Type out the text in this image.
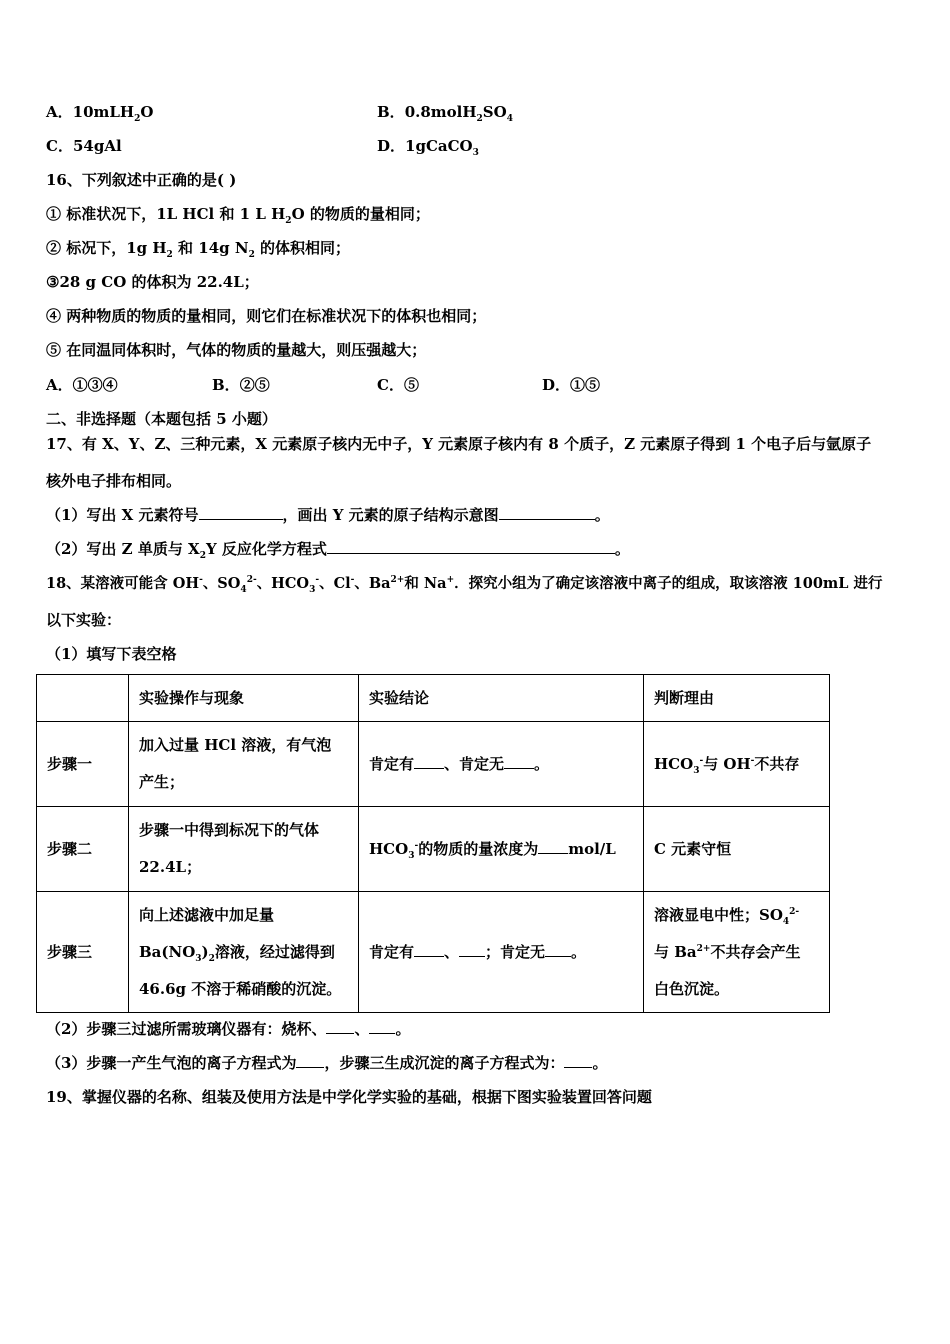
A．10mLH$_2$O	B．$0.8molH_2SO_4$
C．54gAl	D．1gCaCO$_3$
16、下列叙述中正确的是( )
① 标准状况下，1L HCl 和 1 L $H_2O$ 的物质的量相同；
② 标况下，1g $H_2$ 和 14g $N_2$ 的体积相同；
③28 g CO 的体积为 22.4L；
④ 两种物质的物质的量相同，则它们在标准状况下的体积也相同；
⑤ 在同温同体积时，气体的物质的量越大，则压强越大；
A．①③④	B．②⑤	C．⑤	D．①⑤
二、非选择题（本题包括 5 小题）
17、有 X、Y、Z、三种元素，X 元素原子核内无中子，Y 元素原子核内有 8 个质子，Z 元素原子得到 1 个电子后与氩原子
核外电子排布相同。
（1）写出 X 元素符号	，画出 Y 元素的原子结构示意图	。
（2）写出 Z 单质与 $X_2Y$ 反应化学方程式	。
18、某溶液可能含 OH-、$SO_4^{2-}$、$HCO_3^-$、Cl-、$Ba^{2+}$和 Na+．探究小组为了确定该溶液中离子的组成，取该溶液 100mL 进行
以下实验：
（1）填写下表空格
	实验操作与现象	实验结论	判断理由
步骤一	加入过量 HCl 溶液，有气泡
产生；	肯定有 、肯定无 。	$HCO_3^-$与 OH-不共存
步骤二	步骤一中得到标况下的气体
22.4L；	$HCO_3^-$的物质的量浓度为 mol/L	C 元素守恒
步骤三	向上述滤液中加足量
$Ba(NO_3)_2$溶液，经过滤得到
46.6g 不溶于稀硝酸的沉淀。	肯定有 、 ；肯定无 。	溶液显电中性；$SO_4^{2-}$
与 $Ba^{2+}$不共存会产生
白色沉淀。
（2）步骤三过滤所需玻璃仪器有：烧杯、 、 。
（3）步骤一产生气泡的离子方程式为 ，步骤三生成沉淀的离子方程式为： 。
19、掌握仪器的名称、组装及使用方法是中学化学实验的基础，根据下图实验装置回答问题
